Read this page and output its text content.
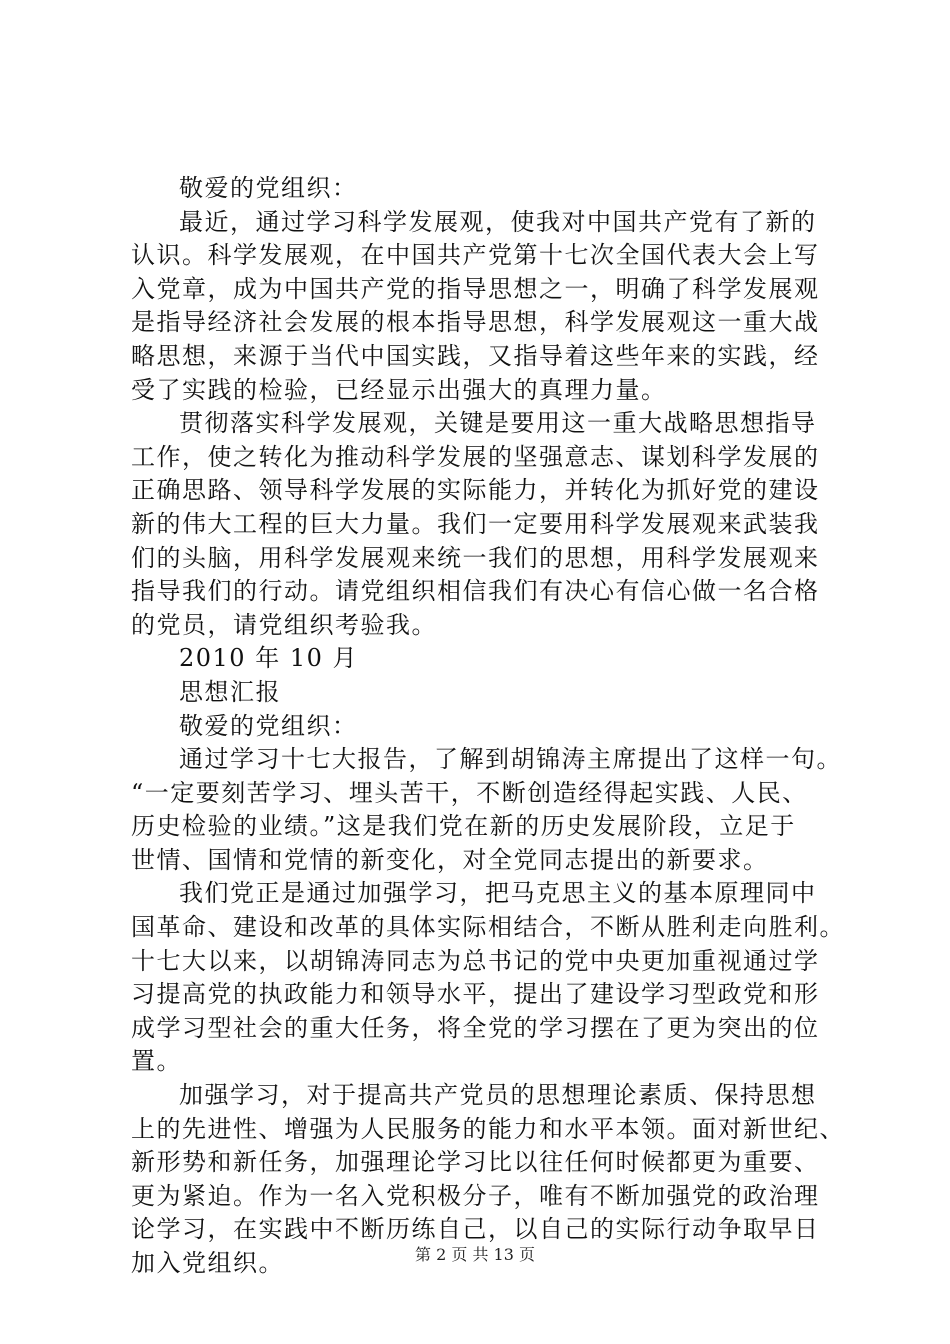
敬爱的党组织：
最近，通过学习科学发展观，使我对中国共产党有了新的
认识。科学发展观，在中国共产党第十七次全国代表大会上写
入党章，成为中国共产党的指导思想之一，明确了科学发展观
是指导经济社会发展的根本指导思想，科学发展观这一重大战
略思想，来源于当代中国实践，又指导着这些年来的实践，经
受了实践的检验，已经显示出强大的真理力量。
贯彻落实科学发展观，关键是要用这一重大战略思想指导
工作，使之转化为推动科学发展的坚强意志、谋划科学发展的
正确思路、领导科学发展的实际能力，并转化为抓好党的建设
新的伟大工程的巨大力量。我们一定要用科学发展观来武装我
们的头脑，用科学发展观来统一我们的思想，用科学发展观来
指导我们的行动。请党组织相信我们有决心有信心做一名合格
的党员，请党组织考验我。
2010 年 10 月
思想汇报
敬爱的党组织：
通过学习十七大报告，了解到胡锦涛主席提出了这样一句。
“一定要刻苦学习、埋头苦干，不断创造经得起实践、人民、
历史检验的业绩。”这是我们党在新的历史发展阶段，立足于
世情、国情和党情的新变化，对全党同志提出的新要求。
我们党正是通过加强学习，把马克思主义的基本原理同中
国革命、建设和改革的具体实际相结合，不断从胜利走向胜利。
十七大以来，以胡锦涛同志为总书记的党中央更加重视通过学
习提高党的执政能力和领导水平，提出了建设学习型政党和形
成学习型社会的重大任务，将全党的学习摆在了更为突出的位
置。
加强学习，对于提高共产党员的思想理论素质、保持思想
上的先进性、增强为人民服务的能力和水平本领。面对新世纪、
新形势和新任务，加强理论学习比以往任何时候都更为重要、
更为紧迫。作为一名入党积极分子，唯有不断加强党的政治理
论学习，在实践中不断历练自己，以自己的实际行动争取早日
加入党组织。	第 2 页 共 13 页
